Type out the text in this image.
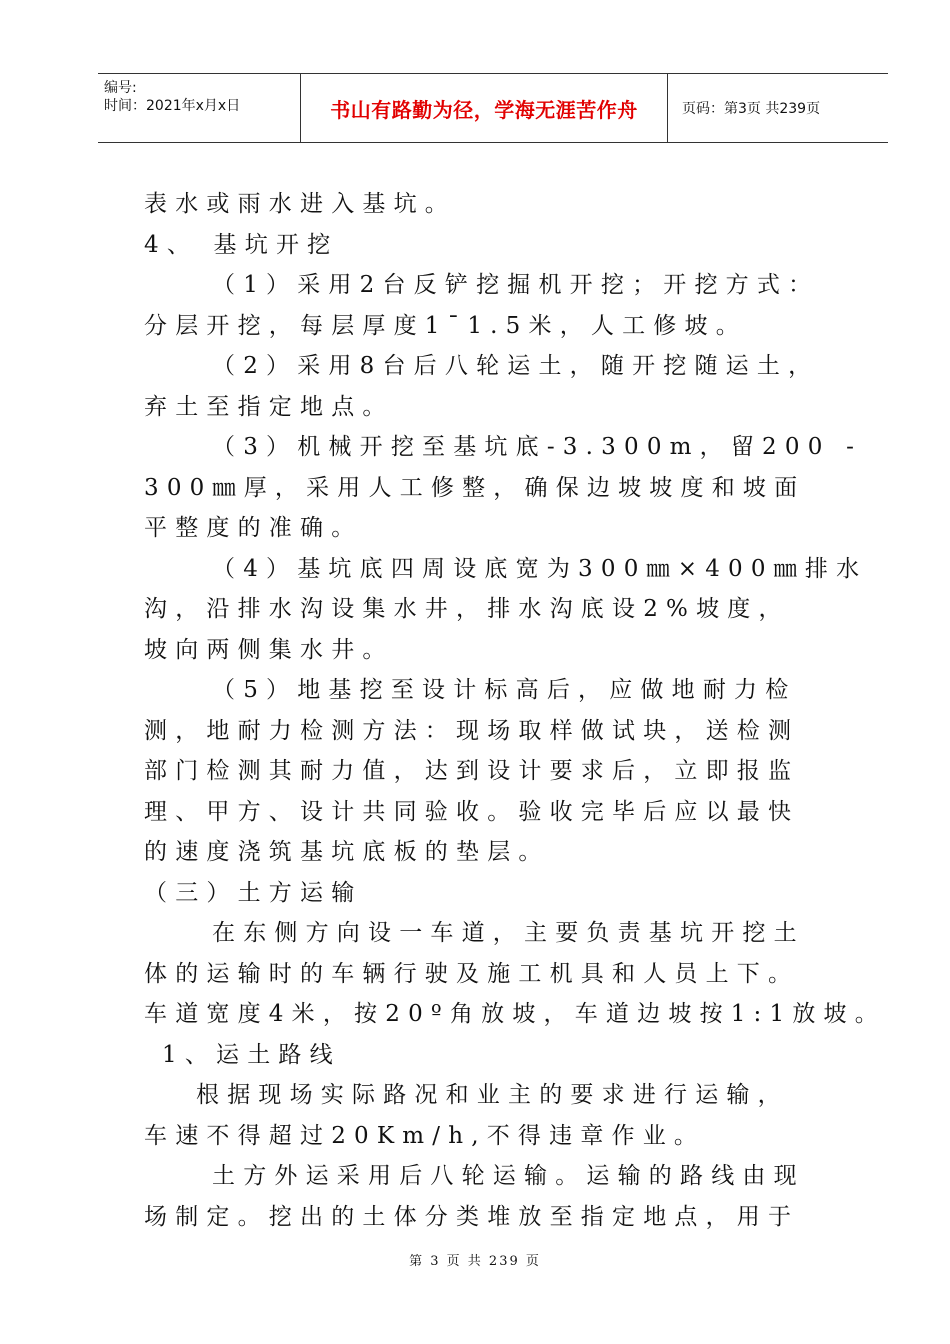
编号:
时间：2021年x月x日	书山有路勤为径，学海无涯苦作舟	页码：第3页 共239页
表水或雨水进入基坑。
4、 基坑开挖
（1）采用2台反铲挖掘机开挖；开挖方式：
分层开挖，每层厚度1¯1.5米，人工修坡。
（2）采用8台后八轮运土，随开挖随运土，
弃土至指定地点。
（3）机械开挖至基坑底-3.300m，留200 -
300㎜厚，采用人工修整，确保边坡坡度和坡面
平整度的准确。
（4）基坑底四周设底宽为300㎜×400㎜排水
沟，沿排水沟设集水井，排水沟底设2%坡度，
坡向两侧集水井。
（5）地基挖至设计标高后，应做地耐力检
测，地耐力检测方法：现场取样做试块，送检测
部门检测其耐力值，达到设计要求后，立即报监
理、甲方、设计共同验收。验收完毕后应以最快
的速度浇筑基坑底板的垫层。
（三）土方运输
在东侧方向设一车道，主要负责基坑开挖土
体的运输时的车辆行驶及施工机具和人员上下。
车道宽度4米，按20º角放坡，车道边坡按1:1放坡。
1、运土路线
根据现场实际路况和业主的要求进行运输，
车速不得超过20Km/h,不得违章作业。
土方外运采用后八轮运输。运输的路线由现
场制定。挖出的土体分类堆放至指定地点，用于
第 3 页 共 239 页
